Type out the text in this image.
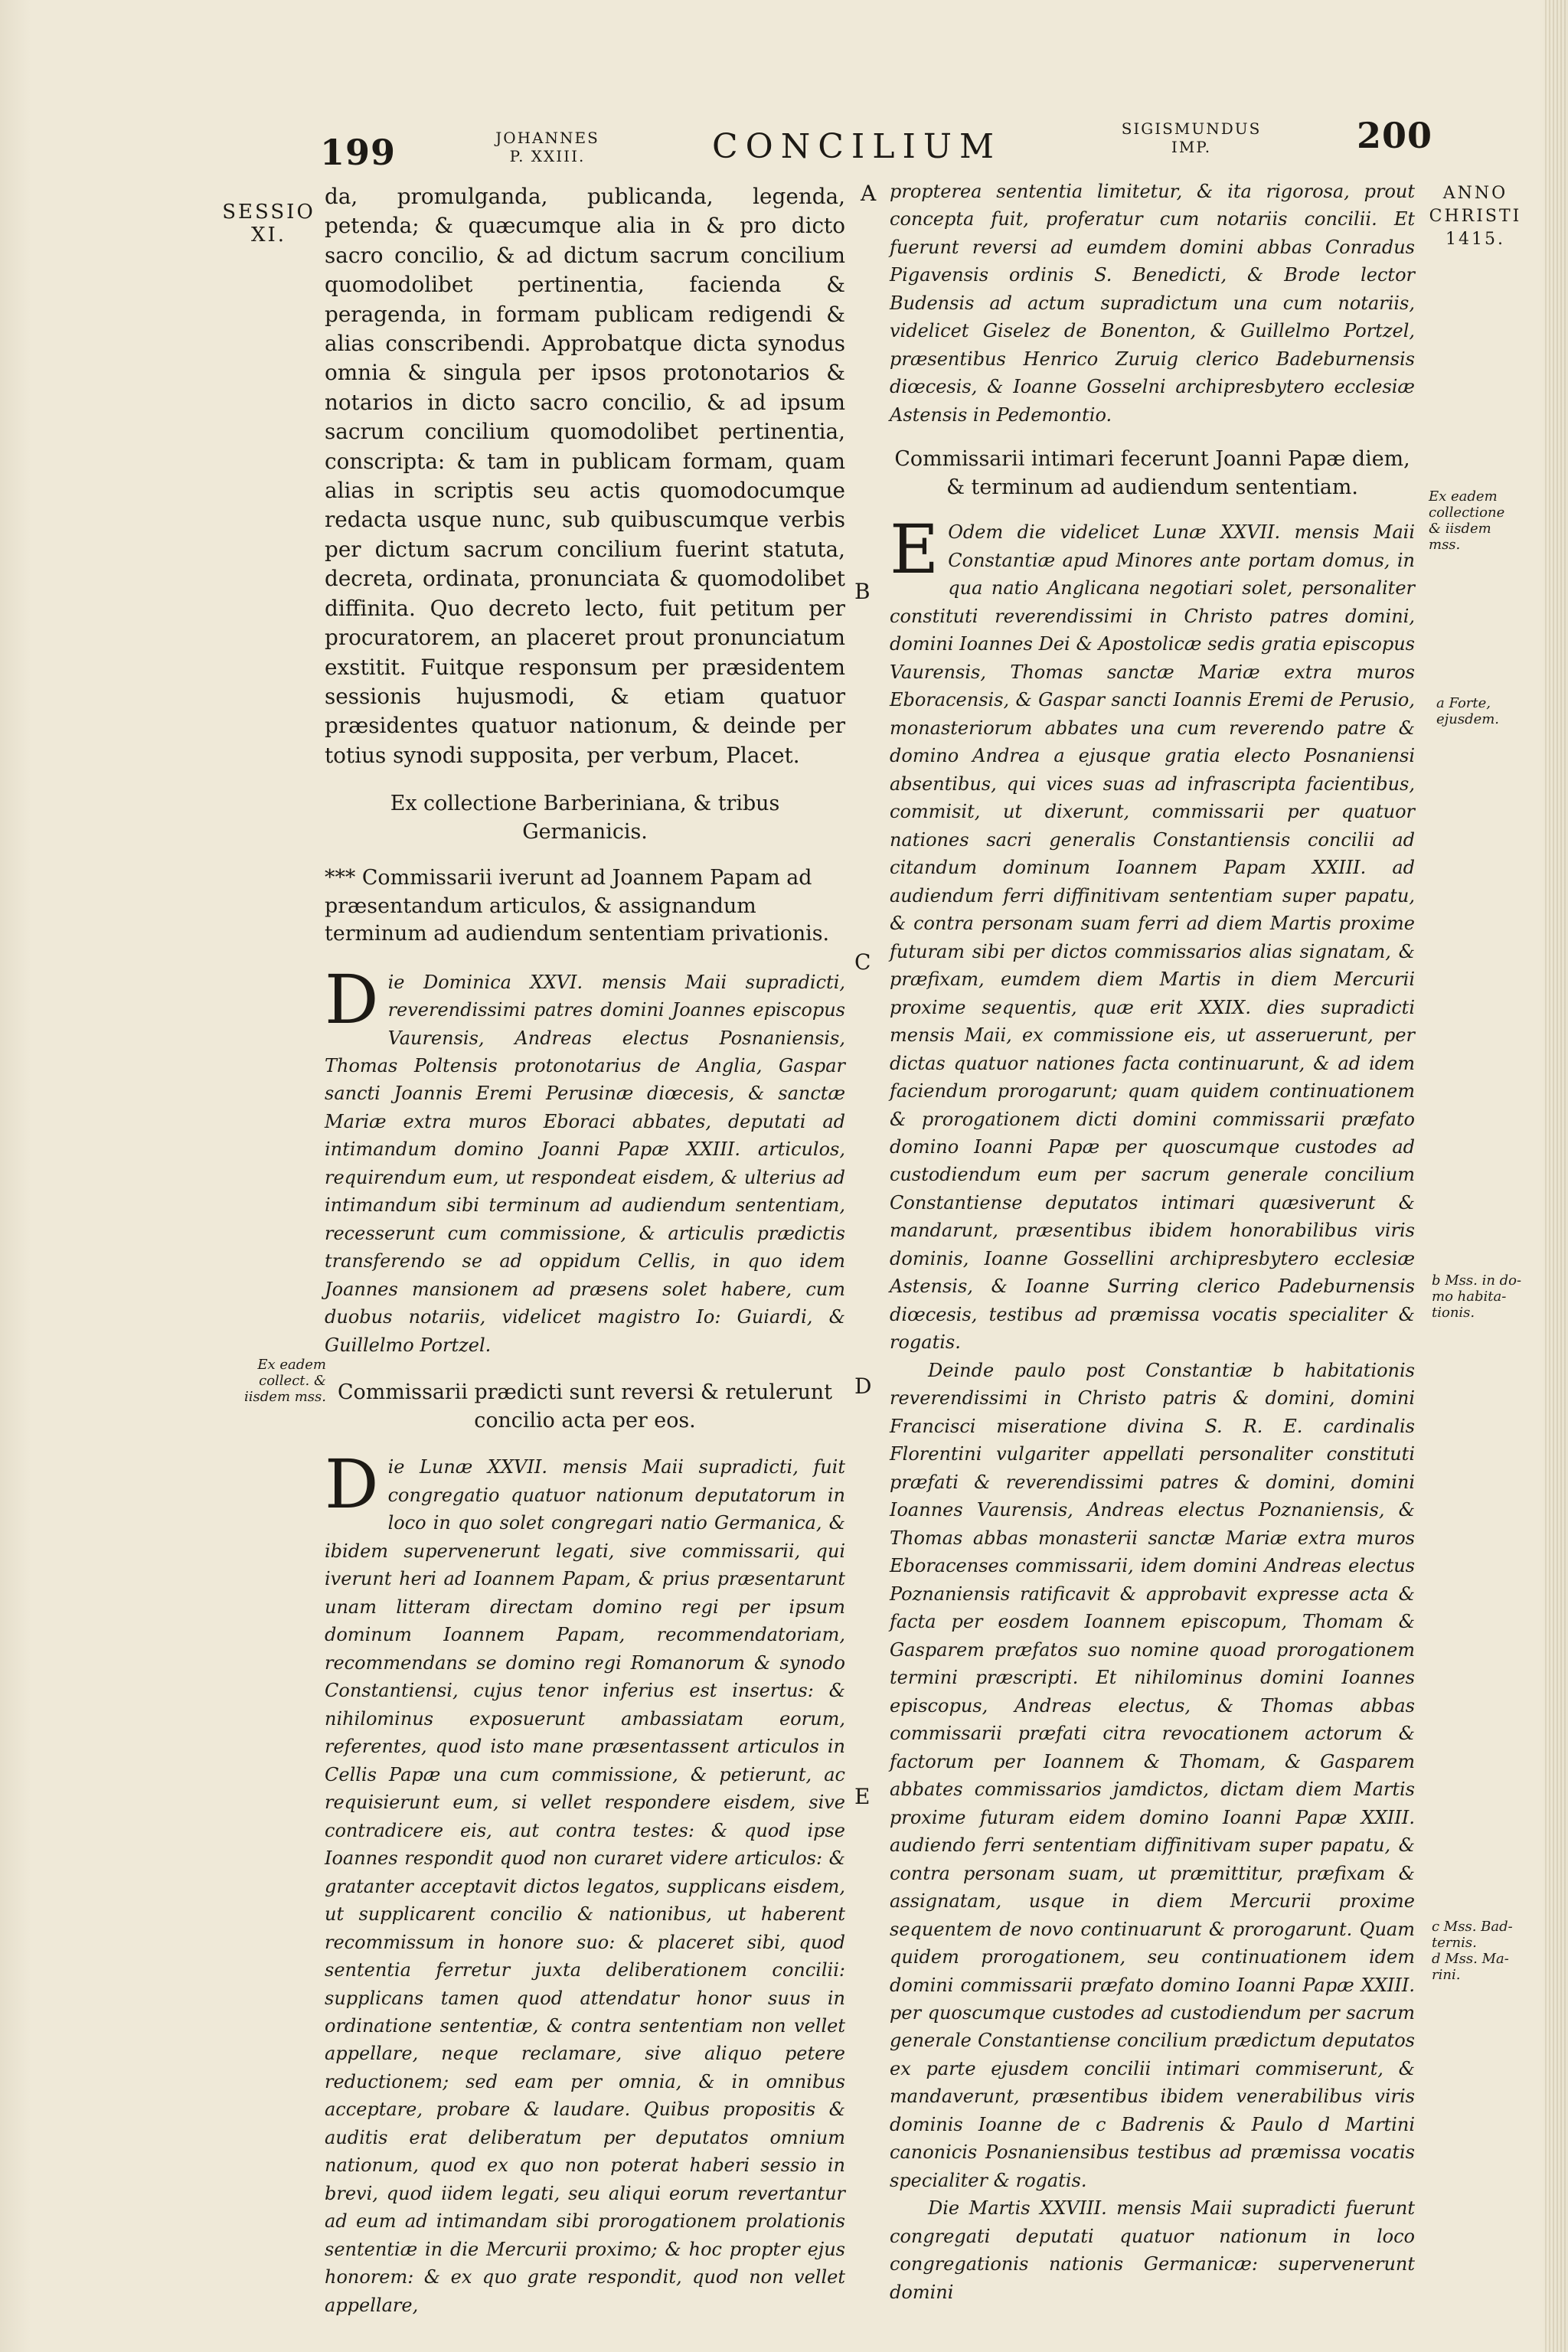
199	JOHANNES
P. XXIII.	CONCILIUM	SIGISMUNDUS
IMP.	200
SESSIO
XI.
ANNO
CHRISTI
1415.
Ex eadem
collect. &
iisdem mss.
Ex eadem
collectione
& iisdem
mss.
a Forte,
ejusdem.
b Mss. in do-
mo habita-
tionis.
c Mss. Bad-
ternis.
d Mss. Ma-
rini.
A
B
C
D
E

da, promulganda, publicanda, legenda, petenda; & quæcumque alia in & pro dicto sacro concilio, & ad dictum sacrum concilium quomodolibet pertinentia, facienda & peragenda, in formam publicam redigendi & alias conscribendi. Approbatque dicta synodus omnia & singula per ipsos protonotarios & notarios in dicto sacro concilio, & ad ipsum sacrum concilium quomodolibet pertinentia, conscripta: & tam in publicam formam, quam alias in scriptis seu actis quomodocumque redacta usque nunc, sub quibuscumque verbis per dictum sacrum concilium fuerint statuta, decreta, ordinata, pronunciata & quomodolibet diffinita. Quo decreto lecto, fuit petitum per procuratorem, an placeret prout pronunciatum exstitit. Fuitque responsum per præsidentem sessionis hujusmodi, & etiam quatuor præsidentes quatuor nationum, & deinde per totius synodi supposita, per verbum, Placet.

Ex collectione Barberiniana, & tribus Germanicis.

*** Commissarii iverunt ad Joannem Papam ad præsentandum articulos, & assignandum terminum ad audiendum sententiam privationis.

Die Dominica XXVI. mensis Maii supradicti, reverendissimi patres domini Joannes episcopus Vaurensis, Andreas electus Posnaniensis, Thomas Poltensis protonotarius de Anglia, Gaspar sancti Joannis Eremi Perusinæ diœcesis, & sanctæ Mariæ extra muros Eboraci abbates, deputati ad intimandum domino Joanni Papæ XXIII. articulos, requirendum eum, ut respondeat eisdem, & ulterius ad intimandum sibi terminum ad audiendum sententiam, recesserunt cum commissione, & articulis prædictis transferendo se ad oppidum Cellis, in quo idem Joannes mansionem ad præsens solet habere, cum duobus notariis, videlicet magistro Io: Guiardi, & Guillelmo Portzel.

Commissarii prædicti sunt reversi & retulerunt concilio acta per eos.

Die Lunæ XXVII. mensis Maii supradicti, fuit congregatio quatuor nationum deputatorum in loco in quo solet congregari natio Germanica, & ibidem supervenerunt legati, sive commissarii, qui iverunt heri ad Ioannem Papam, & prius præsentarunt unam litteram directam domino regi per ipsum dominum Ioannem Papam, recommendatoriam, recommendans se domino regi Romanorum & synodo Constantiensi, cujus tenor inferius est insertus: & nihilominus exposuerunt ambassiatam eorum, referentes, quod isto mane præsentassent articulos in Cellis Papæ una cum commissione, & petierunt, ac requisierunt eum, si vellet respondere eisdem, sive contradicere eis, aut contra testes: & quod ipse Ioannes respondit quod non curaret videre articulos: & gratanter acceptavit dictos legatos, supplicans eisdem, ut supplicarent concilio & nationibus, ut haberent recommissum in honore suo: & placeret sibi, quod sententia ferretur juxta deliberationem concilii: supplicans tamen quod attendatur honor suus in ordinatione sententiæ, & contra sententiam non vellet appellare, neque reclamare, sive aliquo petere reductionem; sed eam per omnia, & in omnibus acceptare, probare & laudare. Quibus propositis & auditis erat deliberatum per deputatos omnium nationum, quod ex quo non poterat haberi sessio in brevi, quod iidem legati, seu aliqui eorum revertantur ad eum ad intimandam sibi prorogationem prolationis sententiæ in die Mercurii proximo; & hoc propter ejus honorem: & ex quo grate respondit, quod non vellet appellare,

propterea sententia limitetur, & ita rigorosa, prout concepta fuit, proferatur cum notariis concilii. Et fuerunt reversi ad eumdem domini abbas Conradus Pigavensis ordinis S. Benedicti, & Brode lector Budensis ad actum supradictum una cum notariis, videlicet Giselez de Bonenton, & Guillelmo Portzel, præsentibus Henrico Zuruig clerico Badeburnensis diœcesis, & Ioanne Gosselni archipresbytero ecclesiæ Astensis in Pedemontio.

Commissarii intimari fecerunt Joanni Papæ diem, & terminum ad audiendum sententiam.

E Odem die videlicet Lunæ XXVII. mensis Maii Constantiæ apud Minores ante portam domus, in qua natio Anglicana negotiari solet, personaliter constituti reverendissimi in Christo patres domini, domini Ioannes Dei & Apostolicæ sedis gratia episcopus Vaurensis, Thomas sanctæ Mariæ extra muros Eboracensis, & Gaspar sancti Ioannis Eremi de Perusio, monasteriorum abbates una cum reverendo patre & domino Andrea a ejusque gratia electo Posnaniensi absentibus, qui vices suas ad infrascripta facientibus, commisit, ut dixerunt, commissarii per quatuor nationes sacri generalis Constantiensis concilii ad citandum dominum Ioannem Papam XXIII. ad audiendum ferri diffinitivam sententiam super papatu, & contra personam suam ferri ad diem Martis proxime futuram sibi per dictos commissarios alias signatam, & præfixam, eumdem diem Martis in diem Mercurii proxime sequentis, quæ erit XXIX. dies supradicti mensis Maii, ex commissione eis, ut asseruerunt, per dictas quatuor nationes facta continuarunt, & ad idem faciendum prorogarunt; quam quidem continuationem & prorogationem dicti domini commissarii præfato domino Ioanni Papæ per quoscumque custodes ad custodiendum eum per sacrum generale concilium Constantiense deputatos intimari quæsiverunt & mandarunt, præsentibus ibidem honorabilibus viris dominis, Ioanne Gossellini archipresbytero ecclesiæ Astensis, & Ioanne Surring clerico Padeburnensis diœcesis, testibus ad præmissa vocatis specialiter & rogatis.

Deinde paulo post Constantiæ b habitationis reverendissimi in Christo patris & domini, domini Francisci miseratione divina S. R. E. cardinalis Florentini vulgariter appellati personaliter constituti præfati & reverendissimi patres & domini, domini Ioannes Vaurensis, Andreas electus Poznaniensis, & Thomas abbas monasterii sanctæ Mariæ extra muros Eboracenses commissarii, idem domini Andreas electus Poznaniensis ratificavit & approbavit expresse acta & facta per eosdem Ioannem episcopum, Thomam & Gasparem præfatos suo nomine quoad prorogationem termini præscripti. Et nihilominus domini Ioannes episcopus, Andreas electus, & Thomas abbas commissarii præfati citra revocationem actorum & factorum per Ioannem & Thomam, & Gasparem abbates commissarios jamdictos, dictam diem Martis proxime futuram eidem domino Ioanni Papæ XXIII. audiendo ferri sententiam diffinitivam super papatu, & contra personam suam, ut præmittitur, præfixam & assignatam, usque in diem Mercurii proxime sequentem de novo continuarunt & prorogarunt. Quam quidem prorogationem, seu continuationem idem domini commissarii præfato domino Ioanni Papæ XXIII. per quoscumque custodes ad custodiendum per sacrum generale Constantiense concilium prædictum deputatos ex parte ejusdem concilii intimari commiserunt, & mandaverunt, præsentibus ibidem venerabilibus viris dominis Ioanne de c Badrenis & Paulo d Martini canonicis Posnaniensibus testibus ad præmissa vocatis specialiter & rogatis.

Die Martis XXVIII. mensis Maii supradicti fuerunt congregati deputati quatuor nationum in loco congregationis nationis Germanicæ: supervenerunt domini
